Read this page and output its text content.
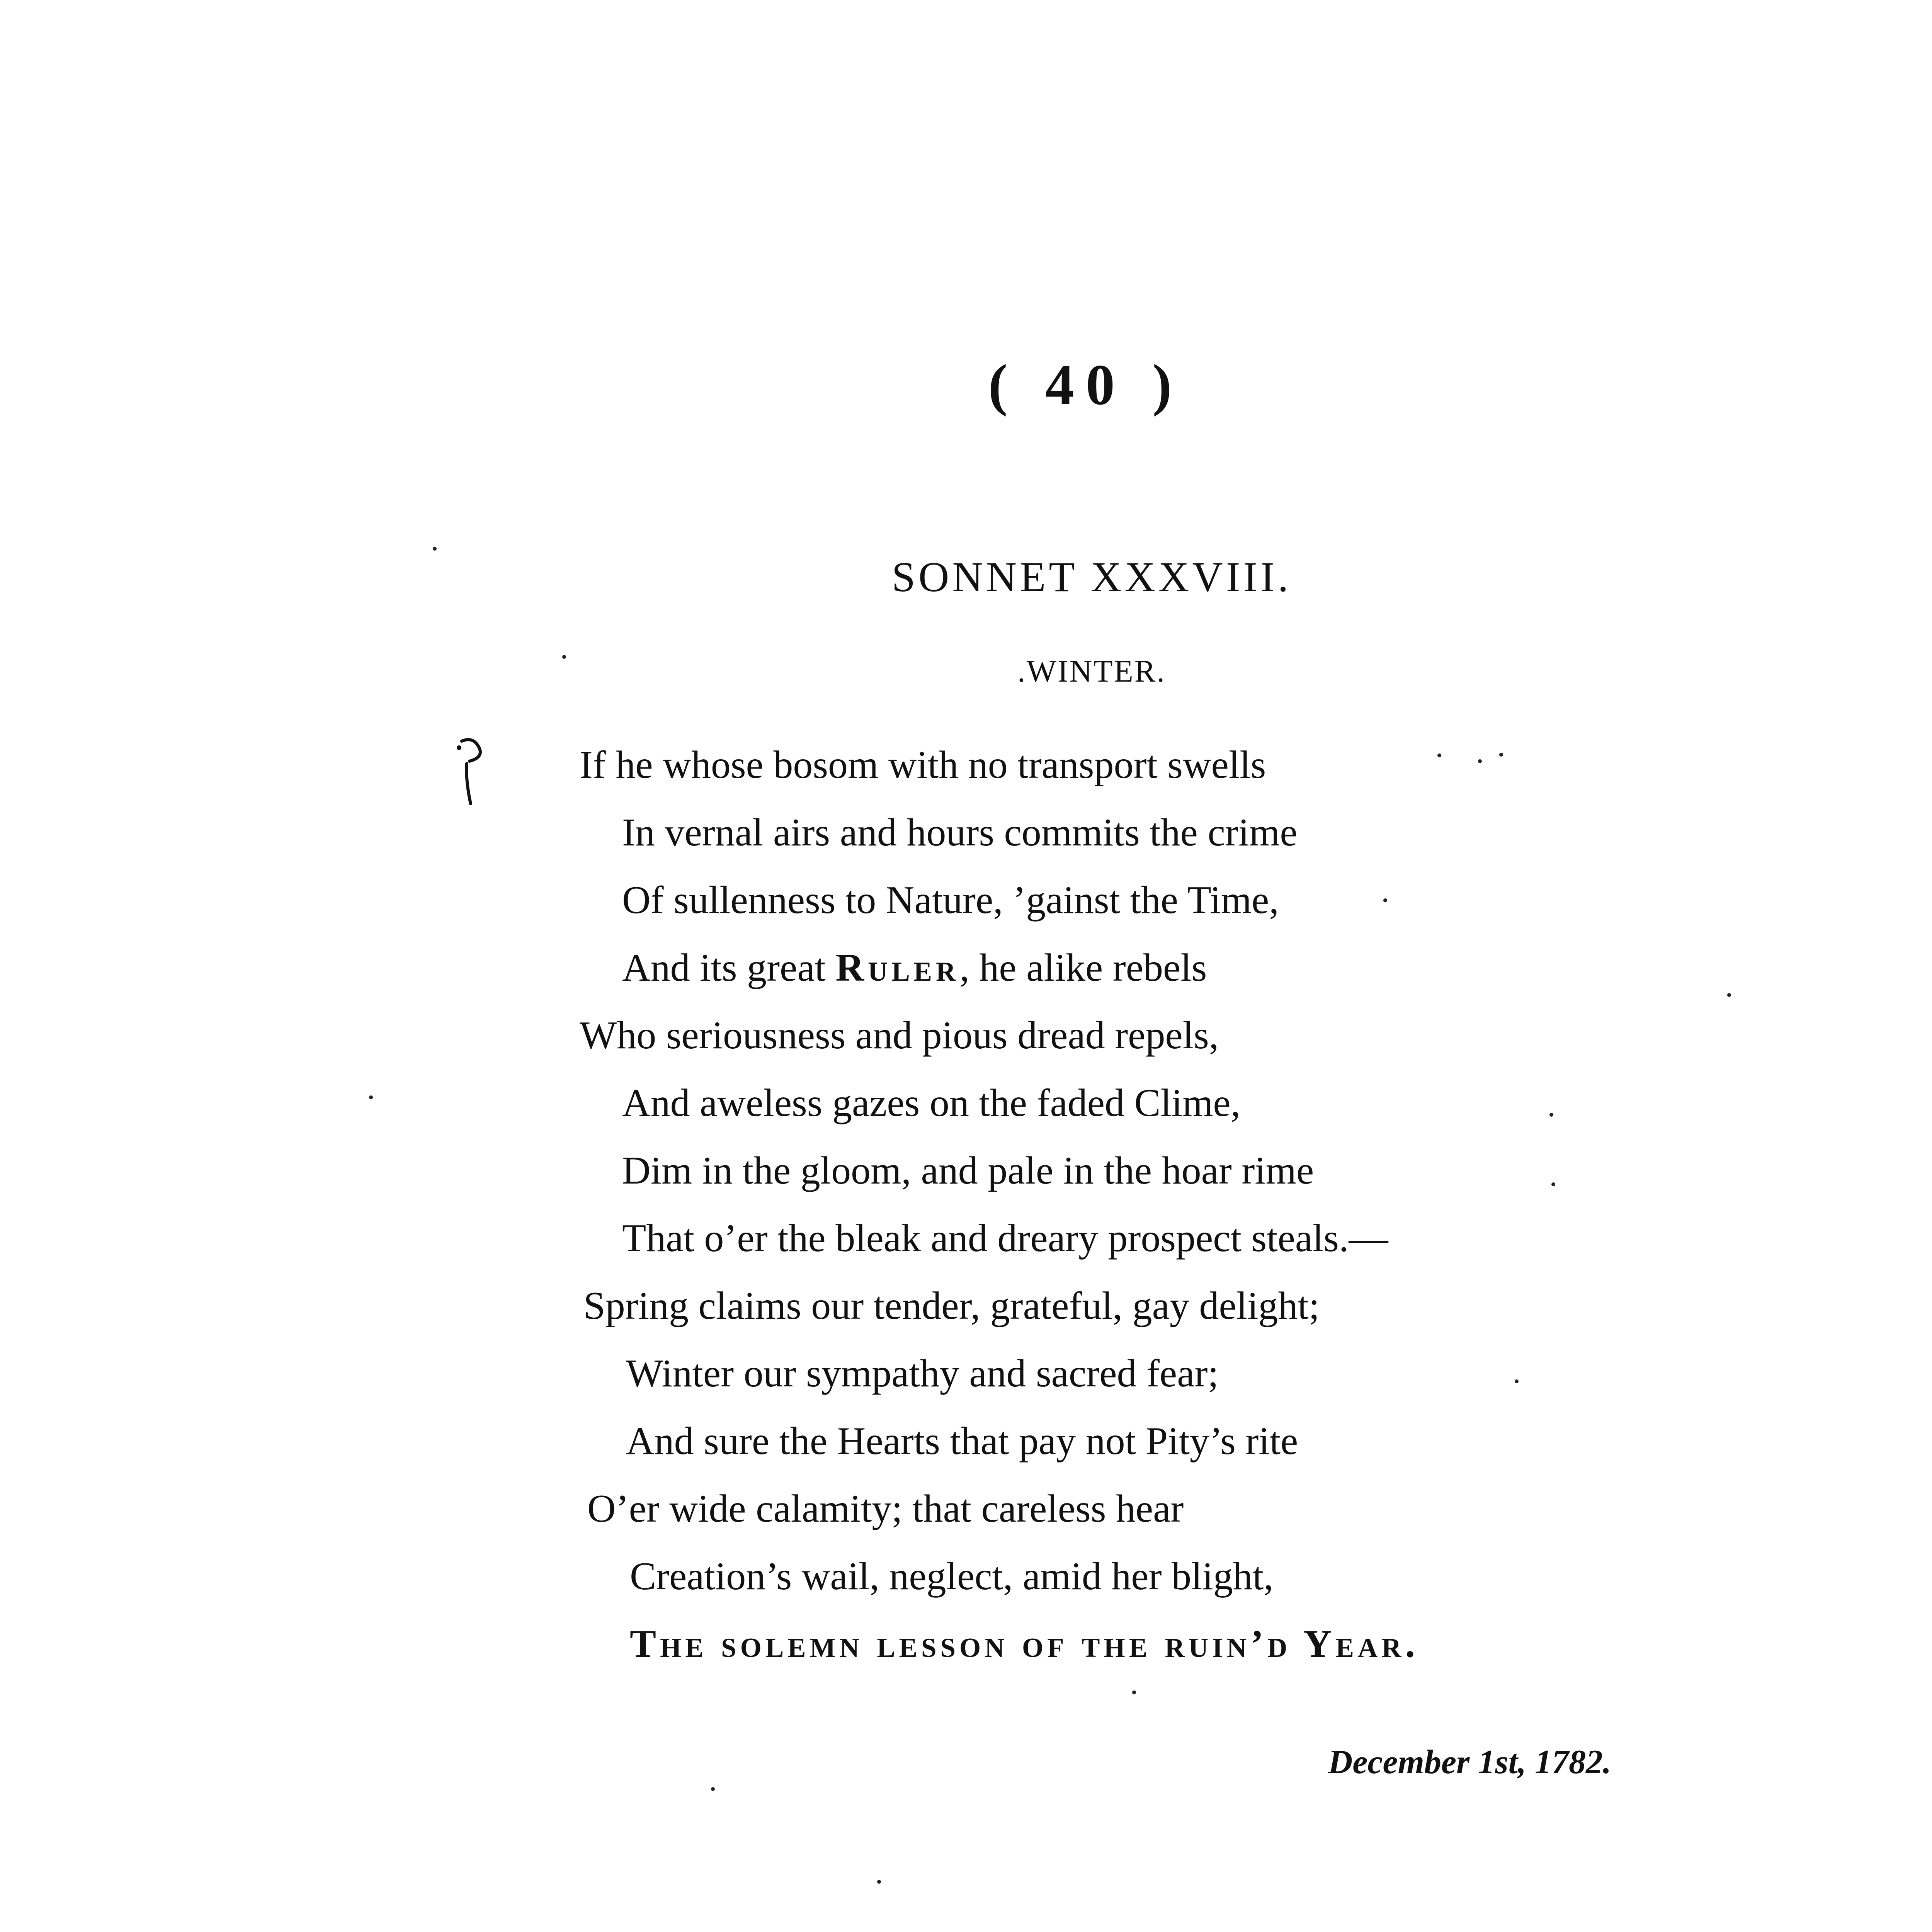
( 40 )
SONNET XXXVIII.
.WINTER.
If he whose bosom with no transport swells
In vernal airs and hours commits the crime
Of sullenness to Nature, ’gainst the Time,
And its great Ruler, he alike rebels
Who seriousness and pious dread repels,
And aweless gazes on the faded Clime,
Dim in the gloom, and pale in the hoar rime
That o’er the bleak and dreary prospect steals.—
Spring claims our tender, grateful, gay delight;
Winter our sympathy and sacred fear;
And sure the Hearts that pay not Pity’s rite
O’er wide calamity; that careless hear
Creation’s wail, neglect, amid her blight,
The solemn lesson of the ruin’d Year.
December 1st, 1782.
